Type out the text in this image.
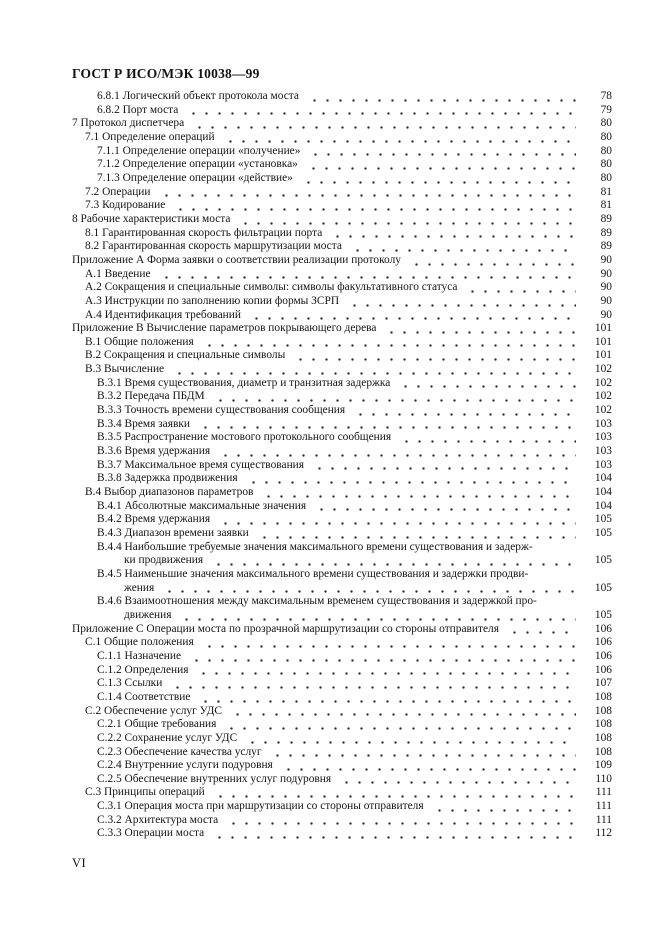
ГОСТ Р ИСО/МЭК 10038—99
6.8.1 Логический объект протокола моста	78
6.8.2 Порт моста	79
7 Протокол диспетчера	80
7.1 Определение операций	80
7.1.1 Определение операции «получение»	80
7.1.2 Определение операции «установка»	80
7.1.3 Определение операции «действие»	80
7.2 Операции	81
7.3 Кодирование	81
8 Рабочие характеристики моста	89
8.1 Гарантированная скорость фильтрации порта	89
8.2 Гарантированная скорость маршрутизации моста	89
Приложение А Форма заявки о соответствии реализации протоколу	90
А.1 Введение	90
А.2 Сокращения и специальные символы: символы факультативного статуса	90
А.3 Инструкции по заполнению копии формы ЗСРП	90
А.4 Идентификация требований	90
Приложение В Вычисление параметров покрывающего дерева	101
В.1 Общие положения	101
В.2 Сокращения и специальные символы	101
В.3 Вычисление	102
В.3.1 Время существования, диаметр и транзитная задержка	102
В.3.2 Передача ПБДМ	102
В.3.3 Точность времени существования сообщения	102
В.3.4 Время заявки	103
В.3.5 Распространение мостового протокольного сообщения	103
В.3.6 Время удержания	103
В.3.7 Максимальное время существования	103
В.3.8 Задержка продвижения	104
В.4 Выбор диапазонов параметров	104
В.4.1 Абсолютные максимальные значения	104
В.4.2 Время удержания	105
В.4.3 Диапазон времени заявки	105
В.4.4 Наибольшие требуемые значения максимального времени существования и задерж-
ки продвижения	105
В.4.5 Наименьшие значения максимального времени существования и задержки продви-
жения	105
В.4.6 Взаимоотношения между максимальным временем существования и задержкой про-
движения	105
Приложение С Операции моста по прозрачной маршрутизации со стороны отправителя	106
С.1 Общие положения	106
С.1.1 Назначение	106
С.1.2 Определения	106
С.1.3 Ссылки	107
С.1.4 Соответствие	108
С.2 Обеспечение услуг УДС	108
С.2.1 Общие требования	108
С.2.2 Сохранение услуг УДС	108
С.2.3 Обеспечение качества услуг	108
С.2.4 Внутренние услуги подуровня	109
С.2.5 Обеспечение внутренних услуг подуровня	110
С.3 Принципы операций	111
С.3.1 Операция моста при маршрутизации со стороны отправителя	111
С.3.2 Архитектура моста	111
С.3.3 Операции моста	112
VI
